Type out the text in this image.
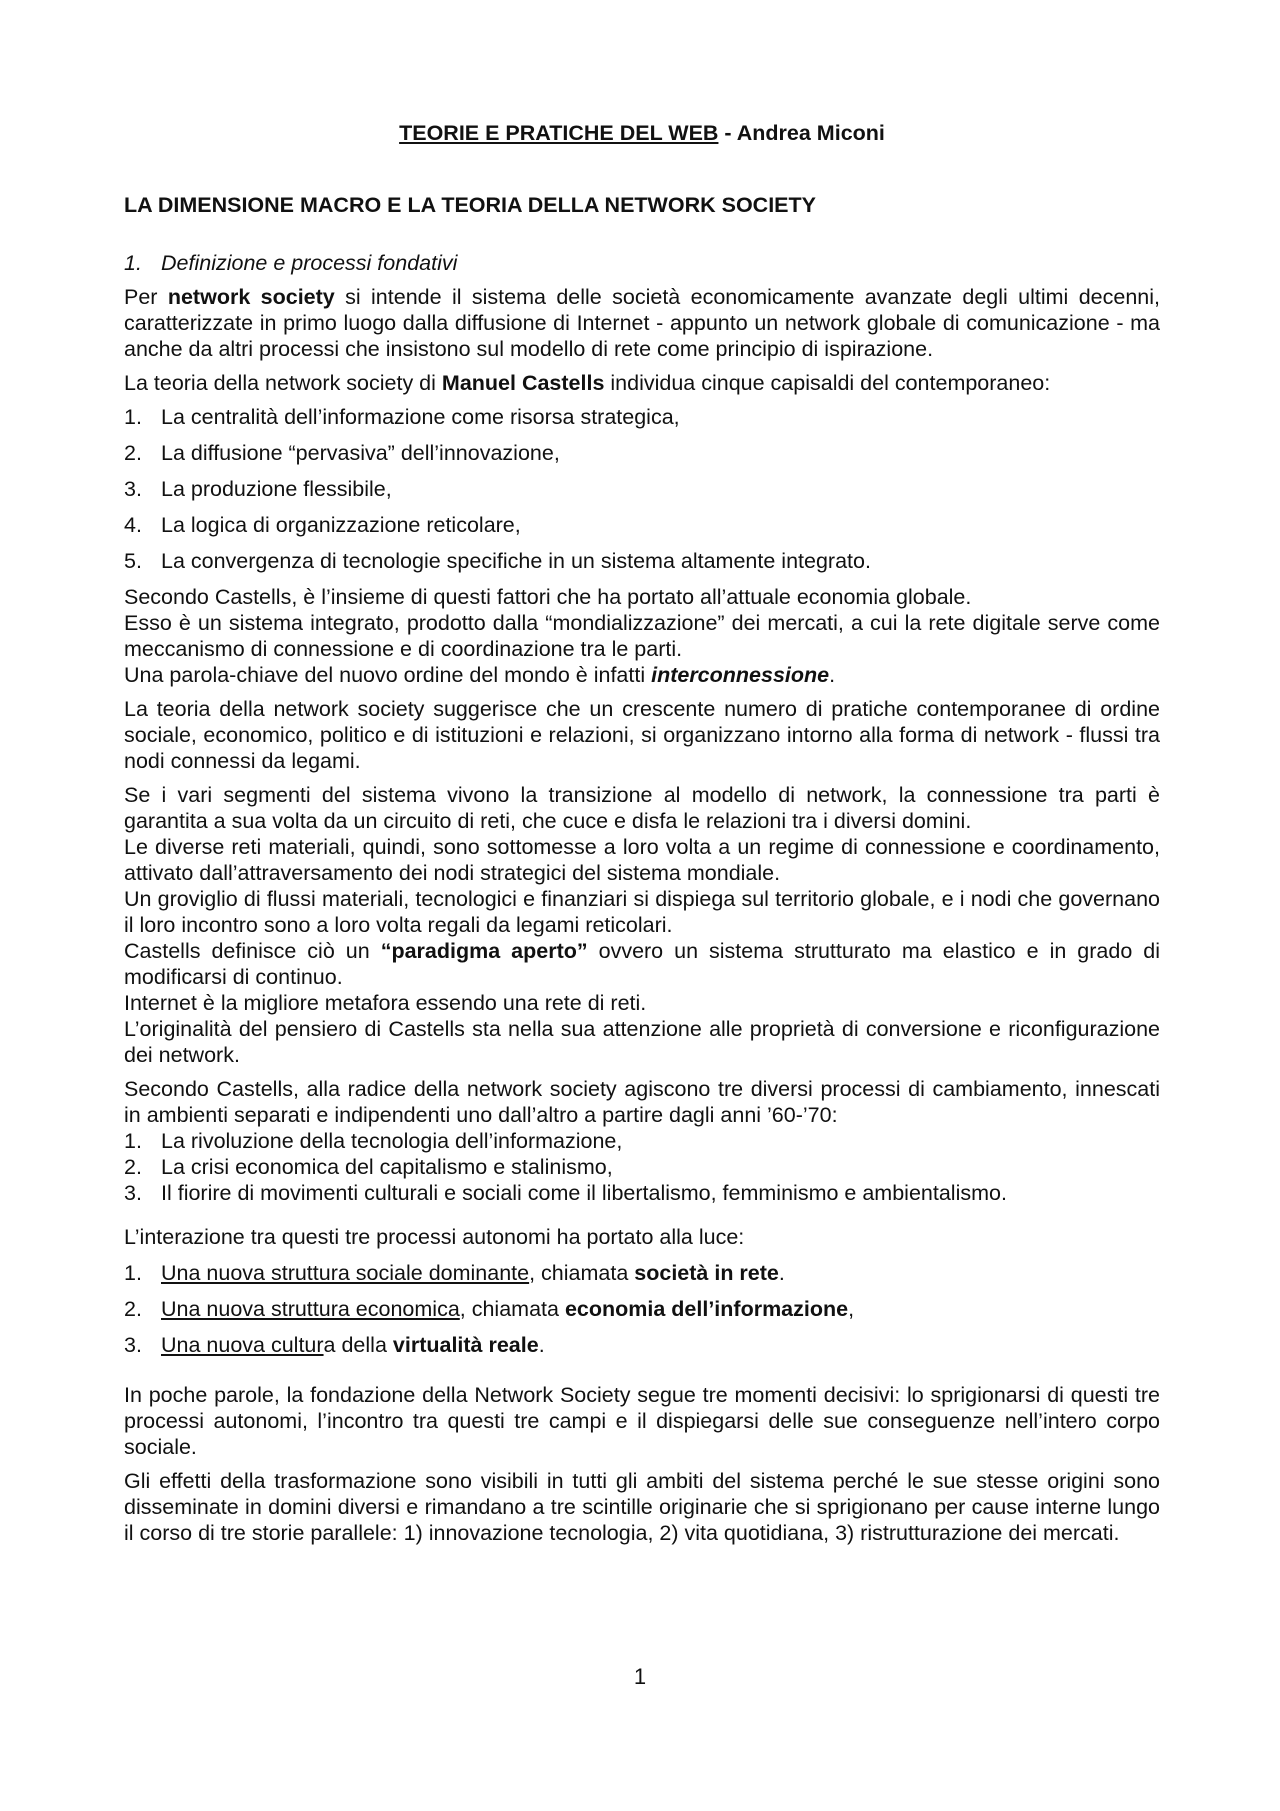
TEORIE E PRATICHE DEL WEB - Andrea Miconi
LA DIMENSIONE MACRO E LA TEORIA DELLA NETWORK SOCIETY
1. Definizione e processi fondativi

Per network society si intende il sistema delle società economicamente avanzate degli ultimi decenni, caratterizzate in primo luogo dalla diffusione di Internet - appunto un network globale di comunicazione - ma anche da altri processi che insistono sul modello di rete come principio di ispirazione.

La teoria della network society di Manuel Castells individua cinque capisaldi del contemporaneo:

1. La centralità dell’informazione come risorsa strategica,
2. La diffusione “pervasiva” dell’innovazione,
3. La produzione flessibile,
4. La logica di organizzazione reticolare,
5. La convergenza di tecnologie specifiche in un sistema altamente integrato.

Secondo Castells, è l’insieme di questi fattori che ha portato all’attuale economia globale.

Esso è un sistema integrato, prodotto dalla “mondializzazione” dei mercati, a cui la rete digitale serve come meccanismo di connessione e di coordinazione tra le parti.

Una parola-chiave del nuovo ordine del mondo è infatti interconnessione.

La teoria della network society suggerisce che un crescente numero di pratiche contemporanee di ordine sociale, economico, politico e di istituzioni e relazioni, si organizzano intorno alla forma di network - flussi tra nodi connessi da legami.

Se i vari segmenti del sistema vivono la transizione al modello di network, la connessione tra parti è garantita a sua volta da un circuito di reti, che cuce e disfa le relazioni tra i diversi domini.

Le diverse reti materiali, quindi, sono sottomesse a loro volta a un regime di connessione e coordinamento, attivato dall’attraversamento dei nodi strategici del sistema mondiale.

Un groviglio di flussi materiali, tecnologici e finanziari si dispiega sul territorio globale, e i nodi che governano il loro incontro sono a loro volta regali da legami reticolari.

Castells definisce ciò un “paradigma aperto” ovvero un sistema strutturato ma elastico e in grado di modificarsi di continuo.

Internet è la migliore metafora essendo una rete di reti.

L’originalità del pensiero di Castells sta nella sua attenzione alle proprietà di conversione e riconfigurazione dei network.

Secondo Castells, alla radice della network society agiscono tre diversi processi di cambiamento, innescati in ambienti separati e indipendenti uno dall’altro a partire dagli anni ’60-’70:

1. La rivoluzione della tecnologia dell’informazione,
2. La crisi economica del capitalismo e stalinismo,
3. Il fiorire di movimenti culturali e sociali come il libertalismo, femminismo e ambientalismo.

L’interazione tra questi tre processi autonomi ha portato alla luce:

1. Una nuova struttura sociale dominante, chiamata società in rete.
2. Una nuova struttura economica, chiamata economia dell’informazione,
3. Una nuova cultura della virtualità reale.

In poche parole, la fondazione della Network Society segue tre momenti decisivi: lo sprigionarsi di questi tre processi autonomi, l’incontro tra questi tre campi e il dispiegarsi delle sue conseguenze nell’intero corpo sociale.

Gli effetti della trasformazione sono visibili in tutti gli ambiti del sistema perché le sue stesse origini sono disseminate in domini diversi e rimandano a tre scintille originarie che si sprigionano per cause interne lungo il corso di tre storie parallele: 1) innovazione tecnologia, 2) vita quotidiana, 3) ristrutturazione dei mercati.

1
